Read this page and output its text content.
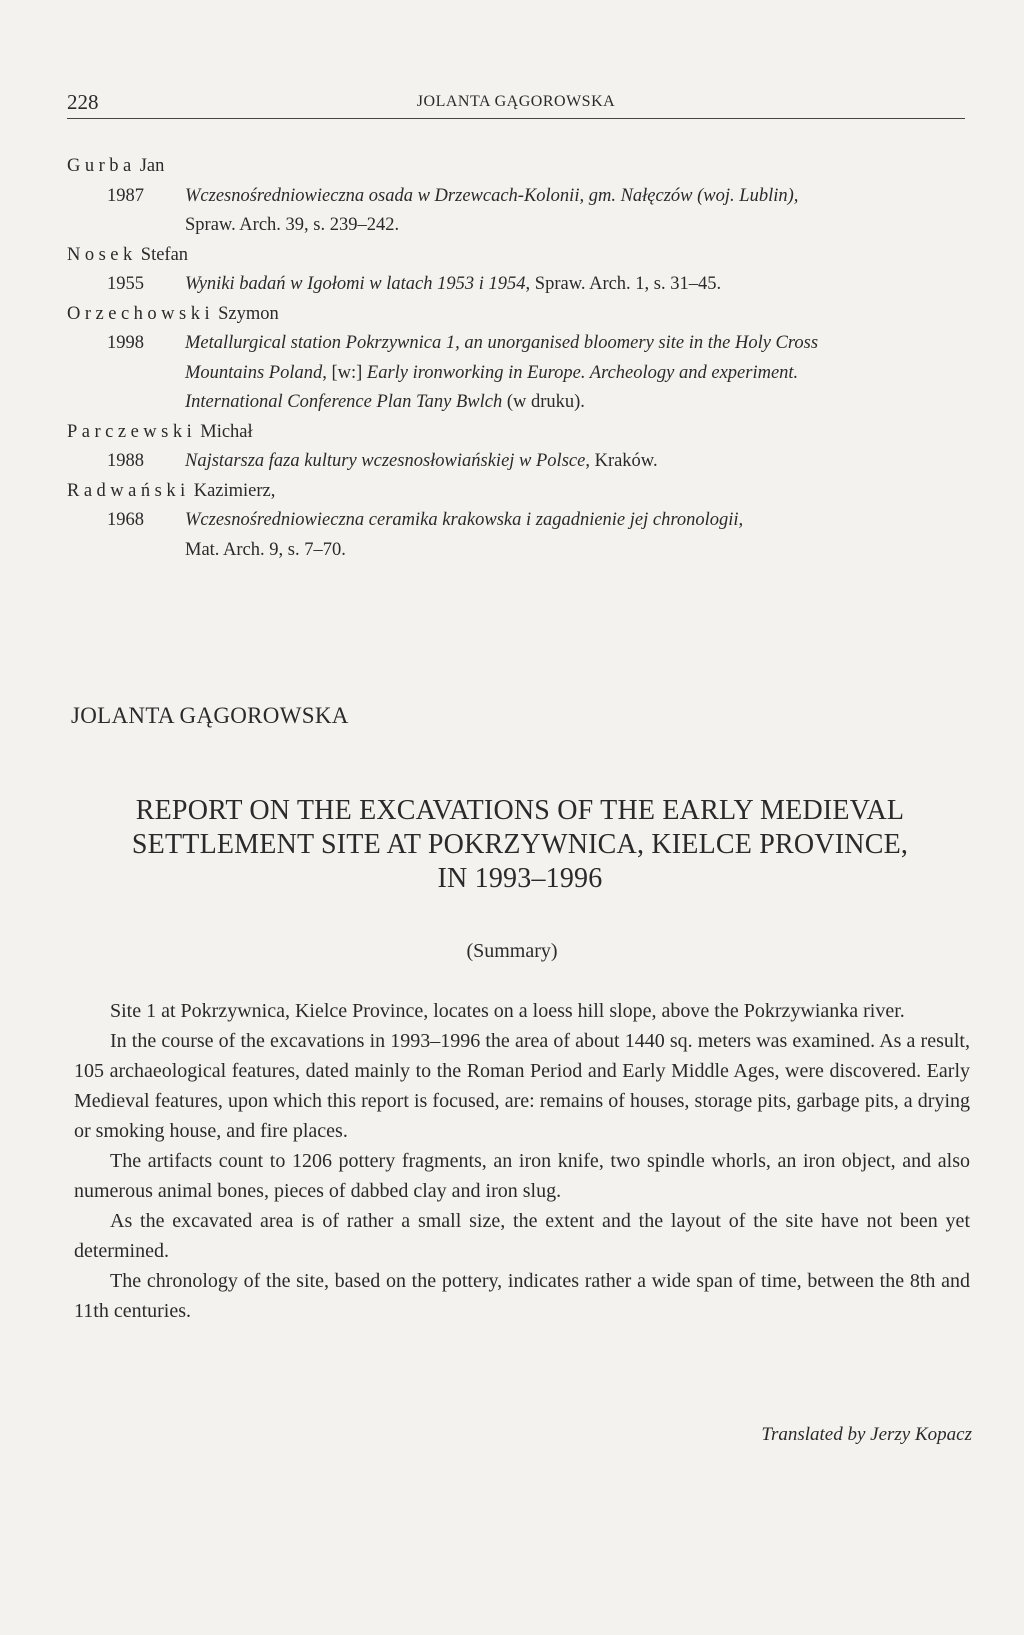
228	JOLANTA GĄGOROWSKA
Gurba Jan
1987	Wczesnośredniowieczna osada w Drzewcach-Kolonii, gm. Nałęczów (woj. Lublin),
Spraw. Arch. 39, s. 239–242.
Nosek Stefan
1955	Wyniki badań w Igołomi w latach 1953 i 1954, Spraw. Arch. 1, s. 31–45.
Orzechowski Szymon
1998	Metallurgical station Pokrzywnica 1, an unorganised bloomery site in the Holy Cross
Mountains Poland, [w:] Early ironworking in Europe. Archeology and experiment.
International Conference Plan Tany Bwlch (w druku).
Parczewski Michał
1988	Najstarsza faza kultury wczesnosłowiańskiej w Polsce, Kraków.
Radwański Kazimierz,
1968	Wczesnośredniowieczna ceramika krakowska i zagadnienie jej chronologii,
Mat. Arch. 9, s. 7–70.
JOLANTA GĄGOROWSKA
REPORT ON THE EXCAVATIONS OF THE EARLY MEDIEVAL
SETTLEMENT SITE AT POKRZYWNICA, KIELCE PROVINCE,
IN 1993–1996
(Summary)

Site 1 at Pokrzywnica, Kielce Province, locates on a loess hill slope, above the Pokrzywianka river.

In the course of the excavations in 1993–1996 the area of about 1440 sq. meters was examined. As a result, 105 archaeological features, dated mainly to the Roman Period and Early Middle Ages, were discovered. Early Medieval features, upon which this report is focused, are: remains of houses, storage pits, garbage pits, a drying or smoking house, and fire places.

The artifacts count to 1206 pottery fragments, an iron knife, two spindle whorls, an iron object, and also numerous animal bones, pieces of dabbed clay and iron slug.

As the excavated area is of rather a small size, the extent and the layout of the site have not been yet determined.

The chronology of the site, based on the pottery, indicates rather a wide span of time, between the 8th and 11th centuries.

Translated by Jerzy Kopacz
